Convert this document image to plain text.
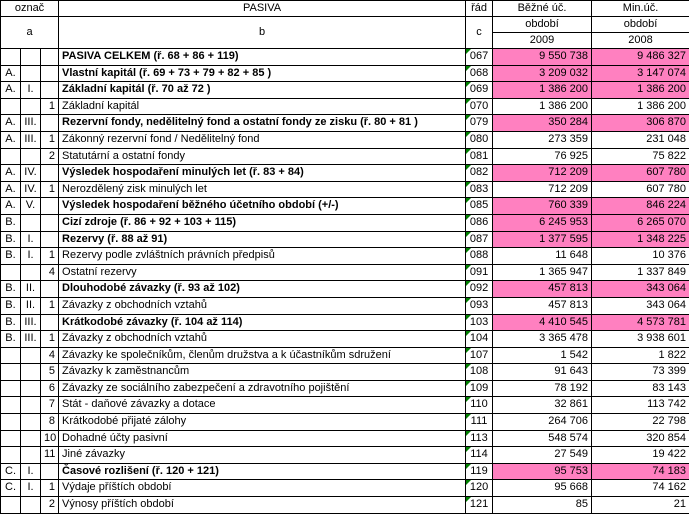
označ			PASIVA	řád	Běžné úč.	Min.úč.
a			b	c	období	období
					2009	2008
			PASIVA CELKEM (ř. 68 + 86 + 119)	067	9 550 738	9 486 327
A.			Vlastní kapitál (ř. 69 + 73 + 79 + 82 + 85 )	068	3 209 032	3 147 074
A.	I.		Základní kapitál (ř. 70 až 72 )	069	1 386 200	1 386 200
		1	Základní kapitál	070	1 386 200	1 386 200
A.	III.		Rezervní fondy, nedělitelný fond a ostatní fondy ze zisku (ř. 80 + 81 )	079	350 284	306 870
A.	III.	1	Zákonný rezervní fond / Nedělitelný fond	080	273 359	231 048
		2	Statutární a ostatní fondy	081	76 925	75 822
A.	IV.		Výsledek hospodaření minulých let (ř. 83 + 84)	082	712 209	607 780
A.	IV.	1	Nerozdělený zisk minulých let	083	712 209	607 780
A.	V.		Výsledek hospodaření běžného účetního období (+/-)	085	760 339	846 224
B.			Cizí zdroje (ř. 86 + 92 + 103 + 115)	086	6 245 953	6 265 070
B.	I.		Rezervy (ř. 88 až 91)	087	1 377 595	1 348 225
B.	I.	1	Rezervy podle zvláštních právních předpisů	088	11 648	10 376
		4	Ostatní rezervy	091	1 365 947	1 337 849
B.	II.		Dlouhodobé závazky (ř. 93 až 102)	092	457 813	343 064
B.	II.	1	Závazky z obchodních vztahů	093	457 813	343 064
B.	III.		Krátkodobé závazky (ř. 104 až 114)	103	4 410 545	4 573 781
B.	III.	1	Závazky z obchodních vztahů	104	3 365 478	3 938 601
		4	Závazky ke společníkům, členům družstva a k účastníkům sdružení	107	1 542	1 822
		5	Závazky k zaměstnancům	108	91 643	73 399
		6	Závazky ze sociálního zabezpečení a zdravotního pojištění	109	78 192	83 143
		7	Stát - daňové závazky a dotace	110	32 861	113 742
		8	Krátkodobé přijaté zálohy	111	264 706	22 798
		10	Dohadné účty pasivní	113	548 574	320 854
		11	Jiné závazky	114	27 549	19 422
C.	I.		Časové rozlišení (ř. 120 + 121)	119	95 753	74 183
C.	I.	1	Výdaje příštích období	120	95 668	74 162
		2	Výnosy příštích období	121	85	21
